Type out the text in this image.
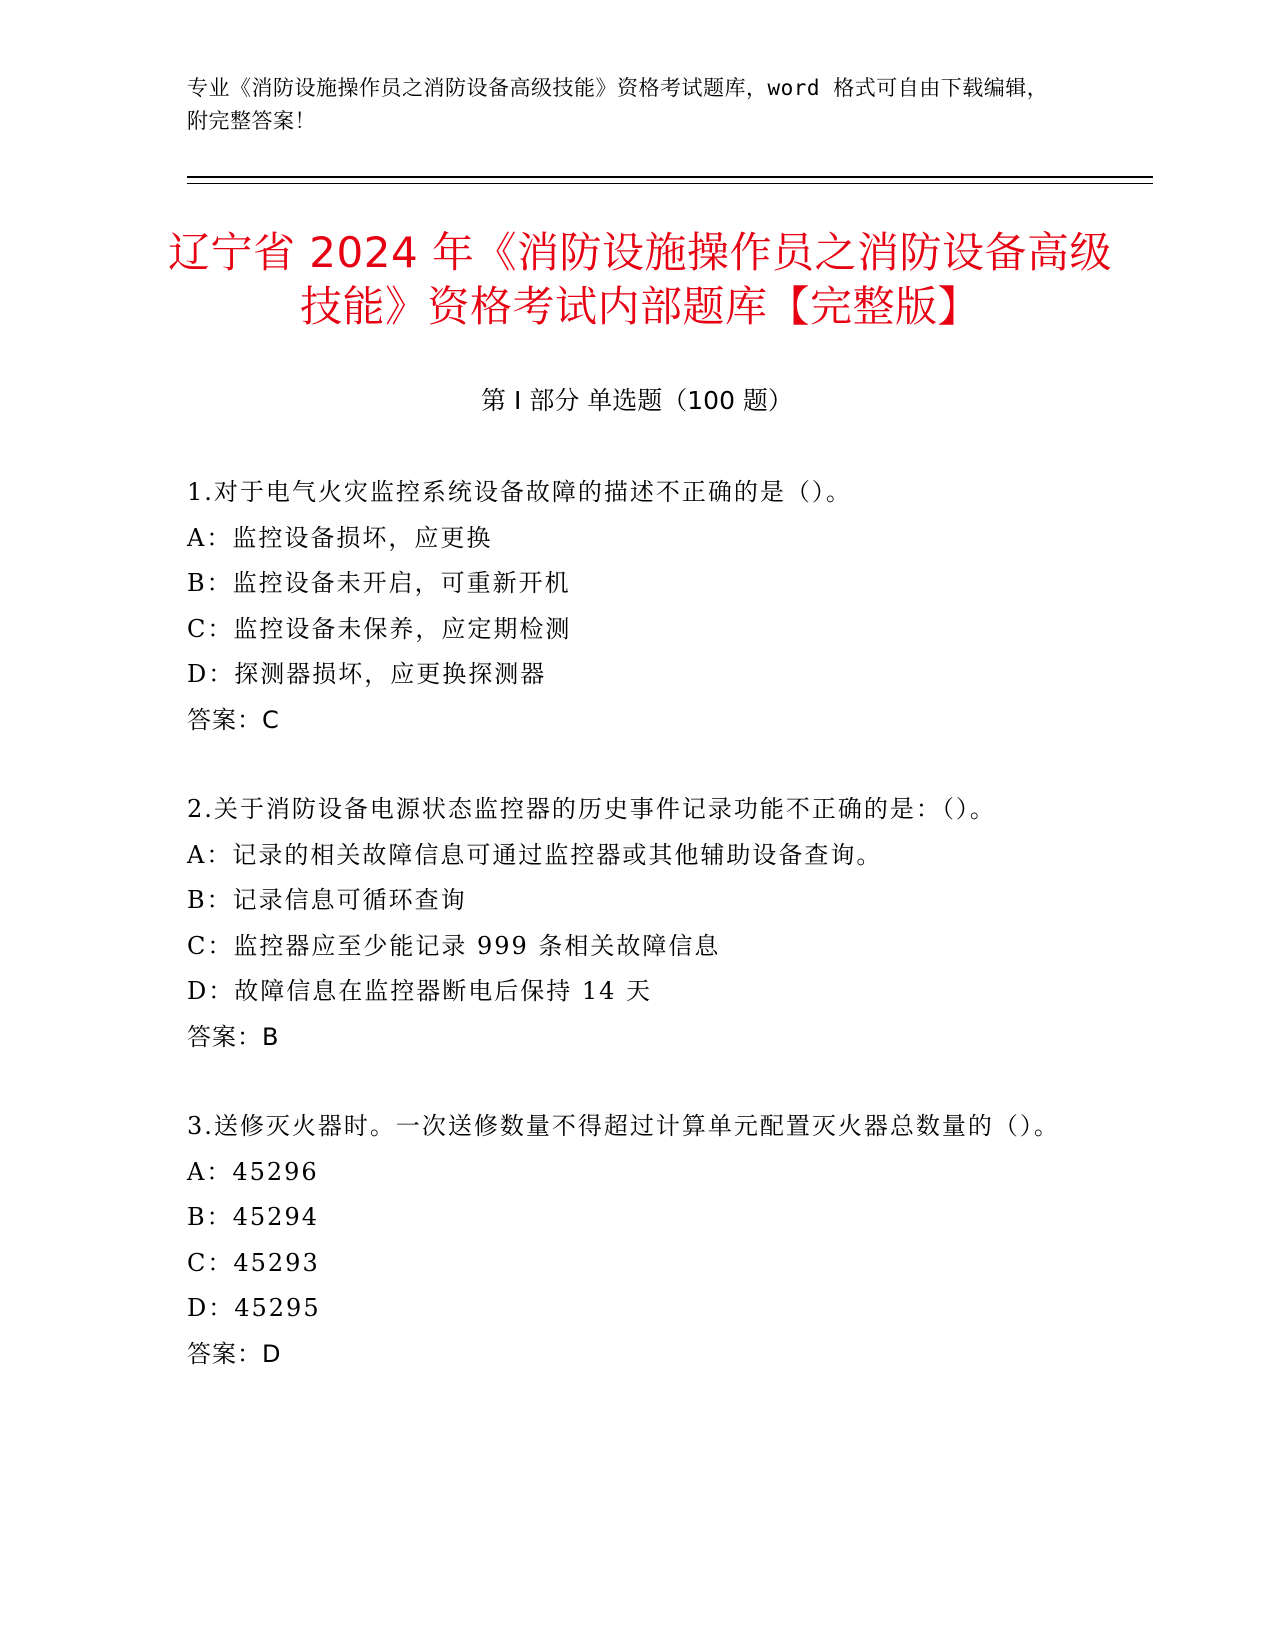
专业《消防设施操作员之消防设备高级技能》资格考试题库，word 格式可自由下载编辑，附完整答案！
辽宁省 2024 年《消防设施操作员之消防设备高级技能》资格考试内部题库【完整版】
第 I 部分 单选题（100 题）
1.对于电气火灾监控系统设备故障的描述不正确的是（）。
A：监控设备损坏，应更换
B：监控设备未开启，可重新开机
C：监控设备未保养，应定期检测
D：探测器损坏，应更换探测器
答案：C
2.关于消防设备电源状态监控器的历史事件记录功能不正确的是：（）。
A：记录的相关故障信息可通过监控器或其他辅助设备查询。
B：记录信息可循环查询
C：监控器应至少能记录 999 条相关故障信息
D：故障信息在监控器断电后保持 14 天
答案：B
3.送修灭火器时。一次送修数量不得超过计算单元配置灭火器总数量的（）。
A：45296
B：45294
C：45293
D：45295
答案：D
